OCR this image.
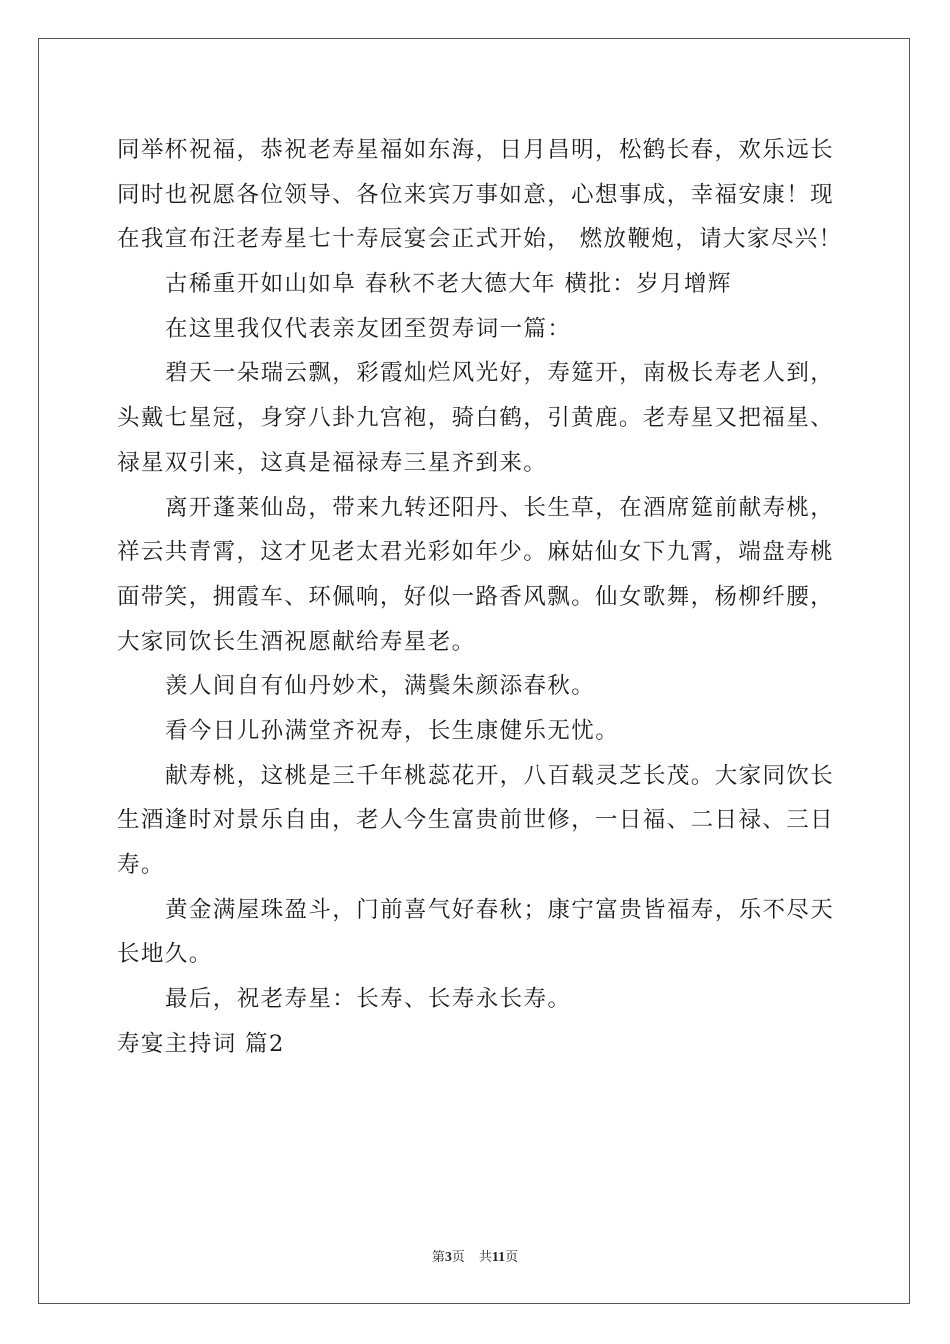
同举杯祝福，恭祝老寿星福如东海，日月昌明，松鹤长春，欢乐远长
同时也祝愿各位领导、各位来宾万事如意，心想事成，幸福安康！现
在我宣布汪老寿星七十寿辰宴会正式开始， 燃放鞭炮，请大家尽兴！
古稀重开如山如阜 春秋不老大德大年 横批：岁月增辉
在这里我仅代表亲友团至贺寿词一篇：
碧天一朵瑞云飘，彩霞灿烂风光好，寿筵开，南极长寿老人到，
头戴七星冠，身穿八卦九宫袍，骑白鹤，引黄鹿。老寿星又把福星、
禄星双引来，这真是福禄寿三星齐到来。
离开蓬莱仙岛，带来九转还阳丹、长生草，在酒席筵前献寿桃，
祥云共青霄，这才见老太君光彩如年少。麻姑仙女下九霄，端盘寿桃
面带笑，拥霞车、环佩响，好似一路香风飘。仙女歌舞，杨柳纤腰，
大家同饮长生酒祝愿献给寿星老。
羡人间自有仙丹妙术，满鬓朱颜添春秋。
看今日儿孙满堂齐祝寿，长生康健乐无忧。
献寿桃，这桃是三千年桃蕊花开，八百载灵芝长茂。大家同饮长
生酒逢时对景乐自由，老人今生富贵前世修，一日福、二日禄、三日
寿。
黄金满屋珠盈斗，门前喜气好春秋；康宁富贵皆福寿，乐不尽天
长地久。
最后，祝老寿星：长寿、长寿永长寿。
寿宴主持词 篇2
第3页 共11页
